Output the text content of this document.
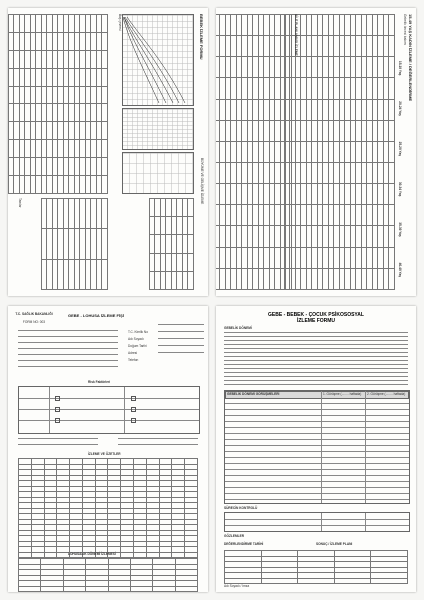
BEBEK İZLEME FORMU
BÜYÜME VE GELİŞME İZLEME
Baş çevresi

Tanılar
15-49 YAŞ KADIN İZLEME / DEĞERLENDİRME
Gebelik öncesi bakım
15-19 Yaş
20-24 Yaş
25-29 Yaş
30-34 Yaş
35-39 Yaş
40-49 Yaş

AİLE PLANLAMASI İZLEME

T.C. SAĞLIK BAKANLIĞI
FORM NO: 003
GEBE - LOHUSA İZLEME FİŞİ
T.C. Kimlik No
Adı Soyadı
Doğum Tarihi
Adresi
Telefon
Risk Faktörleri
İZLEME VE ÖZETLER

LOHUSALIK DÖNEMİ İZLEMESİ

GEBE - BEBEK - ÇOCUK PSİKOSOSYAL
İZLEME FORMU
GEBELİK DÖNEMİ
GEBELİK DÖNEMİ GÖRÜŞMELERİ	1. Görüşme (........ haftada) 2. Görüşme (........ haftada)
SÜRECİN KONTROLÜ
GÖZLEMLER
DEĞERLENDİRME TARİHİ	SONUÇ / İZLEME PLANI

Adı Soyadı / İmza
